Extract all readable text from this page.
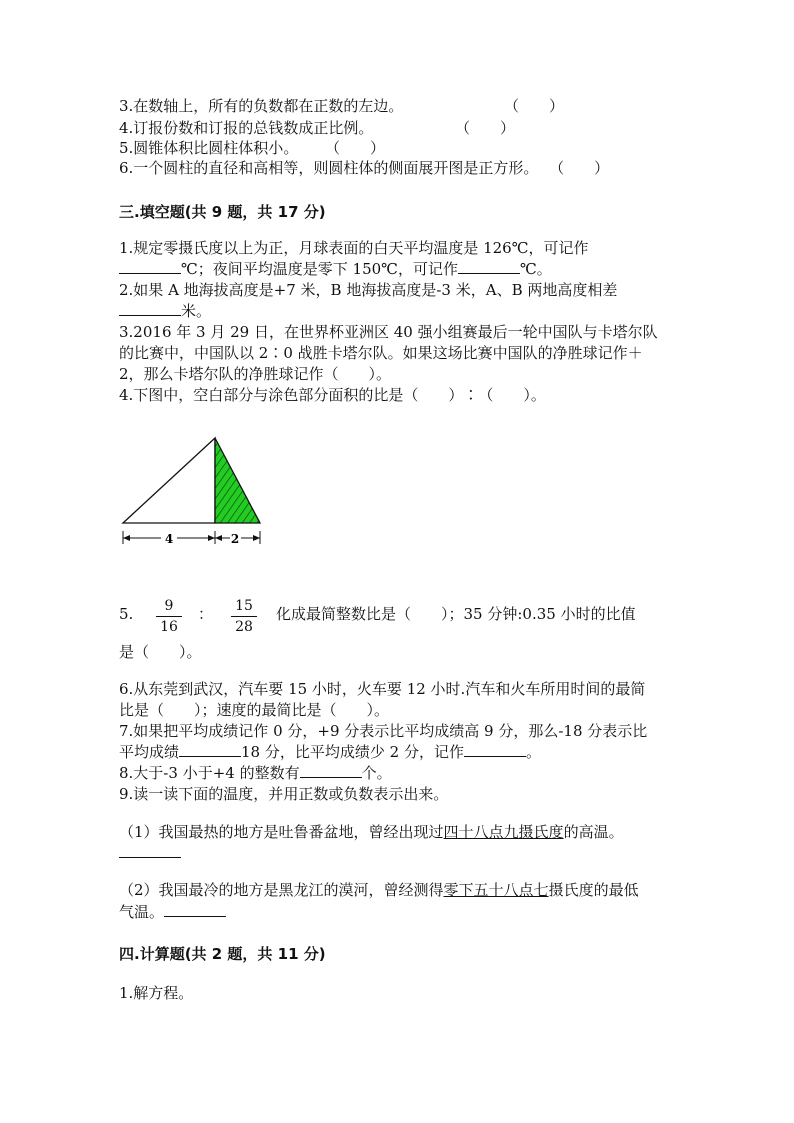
3.在数轴上，所有的负数都在正数的左边。	（　　）
4.订报份数和订报的总钱数成正比例。	（　　）
5.圆锥体积比圆柱体积小。 （　　）
6.一个圆柱的直径和高相等，则圆柱体的侧面展开图是正方形。 （　　）
三.填空题(共 9 题，共 17 分)
1.规定零摄氏度以上为正，月球表面的白天平均温度是 126℃，可记作
℃；夜间平均温度是零下 150℃，可记作	℃。
2.如果 A 地海拔高度是+7 米，B 地海拔高度是-3 米，A、B 两地高度相差
米。
3.2016 年 3 月 29 日，在世界杯亚洲区 40 强小组赛最后一轮中国队与卡塔尔队
的比赛中，中国队以 2∶0 战胜卡塔尔队。如果这场比赛中国队的净胜球记作＋
2，那么卡塔尔队的净胜球记作（　　）。
4.下图中，空白部分与涂色部分面积的比是（　　）∶（　　）。
4	2
5. $\frac{9}{16}$ ： $\frac{15}{28}$ 化成最简整数比是（　　）；35 分钟:0.35 小时的比值
是（　　）。
6.从东莞到武汉，汽车要 15 小时，火车要 12 小时.汽车和火车所用时间的最简
比是（　　）；速度的最简比是（　　）。
7.如果把平均成绩记作 0 分，+9 分表示比平均成绩高 9 分，那么-18 分表示比
平均成绩	18 分，比平均成绩少 2 分，记作	。
8.大于-3 小于+4 的整数有	个。
9.读一读下面的温度，并用正数或负数表示出来。
（1）我国最热的地方是吐鲁番盆地，曾经出现过四十八点九摄氏度的高温。
（2）我国最冷的地方是黑龙江的漠河，曾经测得零下五十八点七摄氏度的最低
气温。
四.计算题(共 2 题，共 11 分)
1.解方程。
